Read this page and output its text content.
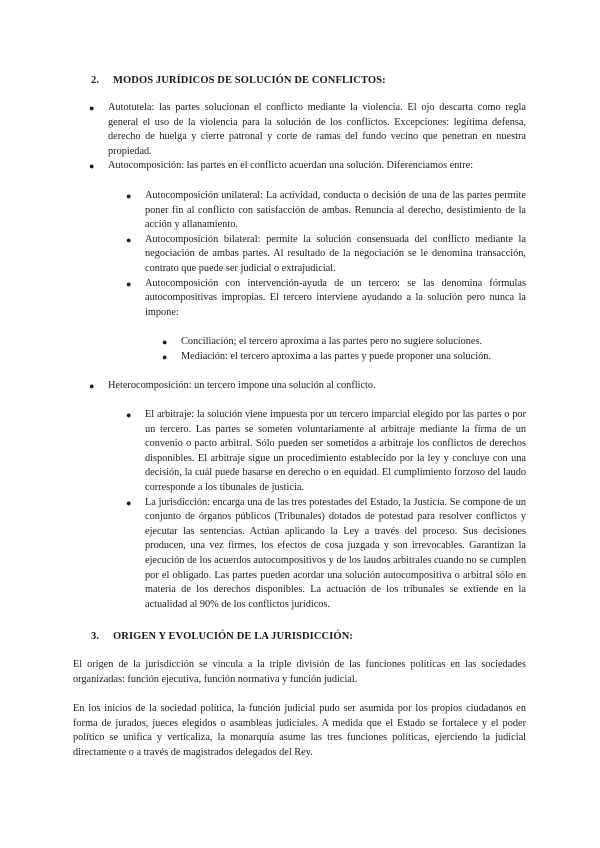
2. MODOS JURÍDICOS DE SOLUCIÓN DE CONFLICTOS:
● Autotutela: las partes solucionan el conflicto mediante la violencia. El ojo descarta como regla general el uso de la violencia para la solución de los conflictos. Excepciones: legítima defensa, derecho de huelga y cierre patronal y corte de ramas del fundo vecino que penetran en nuestra propiedad.
● Autocomposición: las partes en el conflicto acuerdan una solución. Diferenciamos entre:
● Autocomposición unilateral: La actividad, conducta o decisión de una de las partes permite poner fin al conflicto con satisfacción de ambas. Renuncia al derecho, desistimiento de la acción y allanamiento.
● Autocomposición bilateral: permite la solución consensuada del conflicto mediante la negociación de ambas partes. Al resultado de la negociación se le denomina transacción, contrato que puede ser judicial o extrajudicial.
● Autocomposición con intervención-ayuda de un tercero: se las denomina fórmulas autocompositivas impropias. El tercero interviene ayudando a la solución pero nunca la impone:
● Conciliación; el tercero aproxima a las partes pero no sugiere soluciones.
● Mediación: el tercero aproxima a las partes y puede proponer una solución.
● Heterocomposición: un tercero impone una solución al conflicto.
● El arbitraje: la solución viene impuesta por un tercero imparcial elegido por las partes o por un tercero. Las partes se someten voluntariamente al arbitraje mediante la firma de un convenio o pacto arbitral. Sólo pueden ser sometidos a arbitraje los conflictos de derechos disponibles. El arbitraje sigue un procedimiento establecido por la ley y concluye con una decisión, la cuál puede basarse en derecho o en equidad. El cumplimiento forzoso del laudo corresponde a los tibunales de justicia.
● La jurisdicción: encarga una de las tres potestades del Estado, la Justicia. Se compone de un conjunto de órganos públicos (Tribunales) dotados de potestad para resolver conflictos y ejecutar las sentencias. Actúan aplicando la Ley a través del proceso. Sus decisiones producen, una vez firmes, los efectos de cosa juzgada y son irrevocables. Garantizan la ejecución de los acuerdos autocompositivos y de los laudos arbitrales cuando no se cumplen por el obligado. Las partes pueden acordar una solución autocompositiva o arbitral sólo en materia de los derechos disponibles. La actuación de los tribunales se extiende en la actualidad al 90% de los conflictos jurídicos.
3. ORIGEN Y EVOLUCIÓN DE LA JURISDICCIÓN:
El origen de la jurisdicción se vincula a la triple división de las funciones políticas en las sociedades organizadas: función ejecutiva, función normativa y función judicial.
En los inicios de la sociedad política, la función judicial pudo ser asumida por los propios ciudadanos en forma de jurados, jueces elegidos o asambleas judiciales. A medida que el Estado se fortalece y el poder político se unifica y verticaliza, la monarquía asume las tres funciones políticas, ejerciendo la judicial directamente o a través de magistrados delegados del Rey.
